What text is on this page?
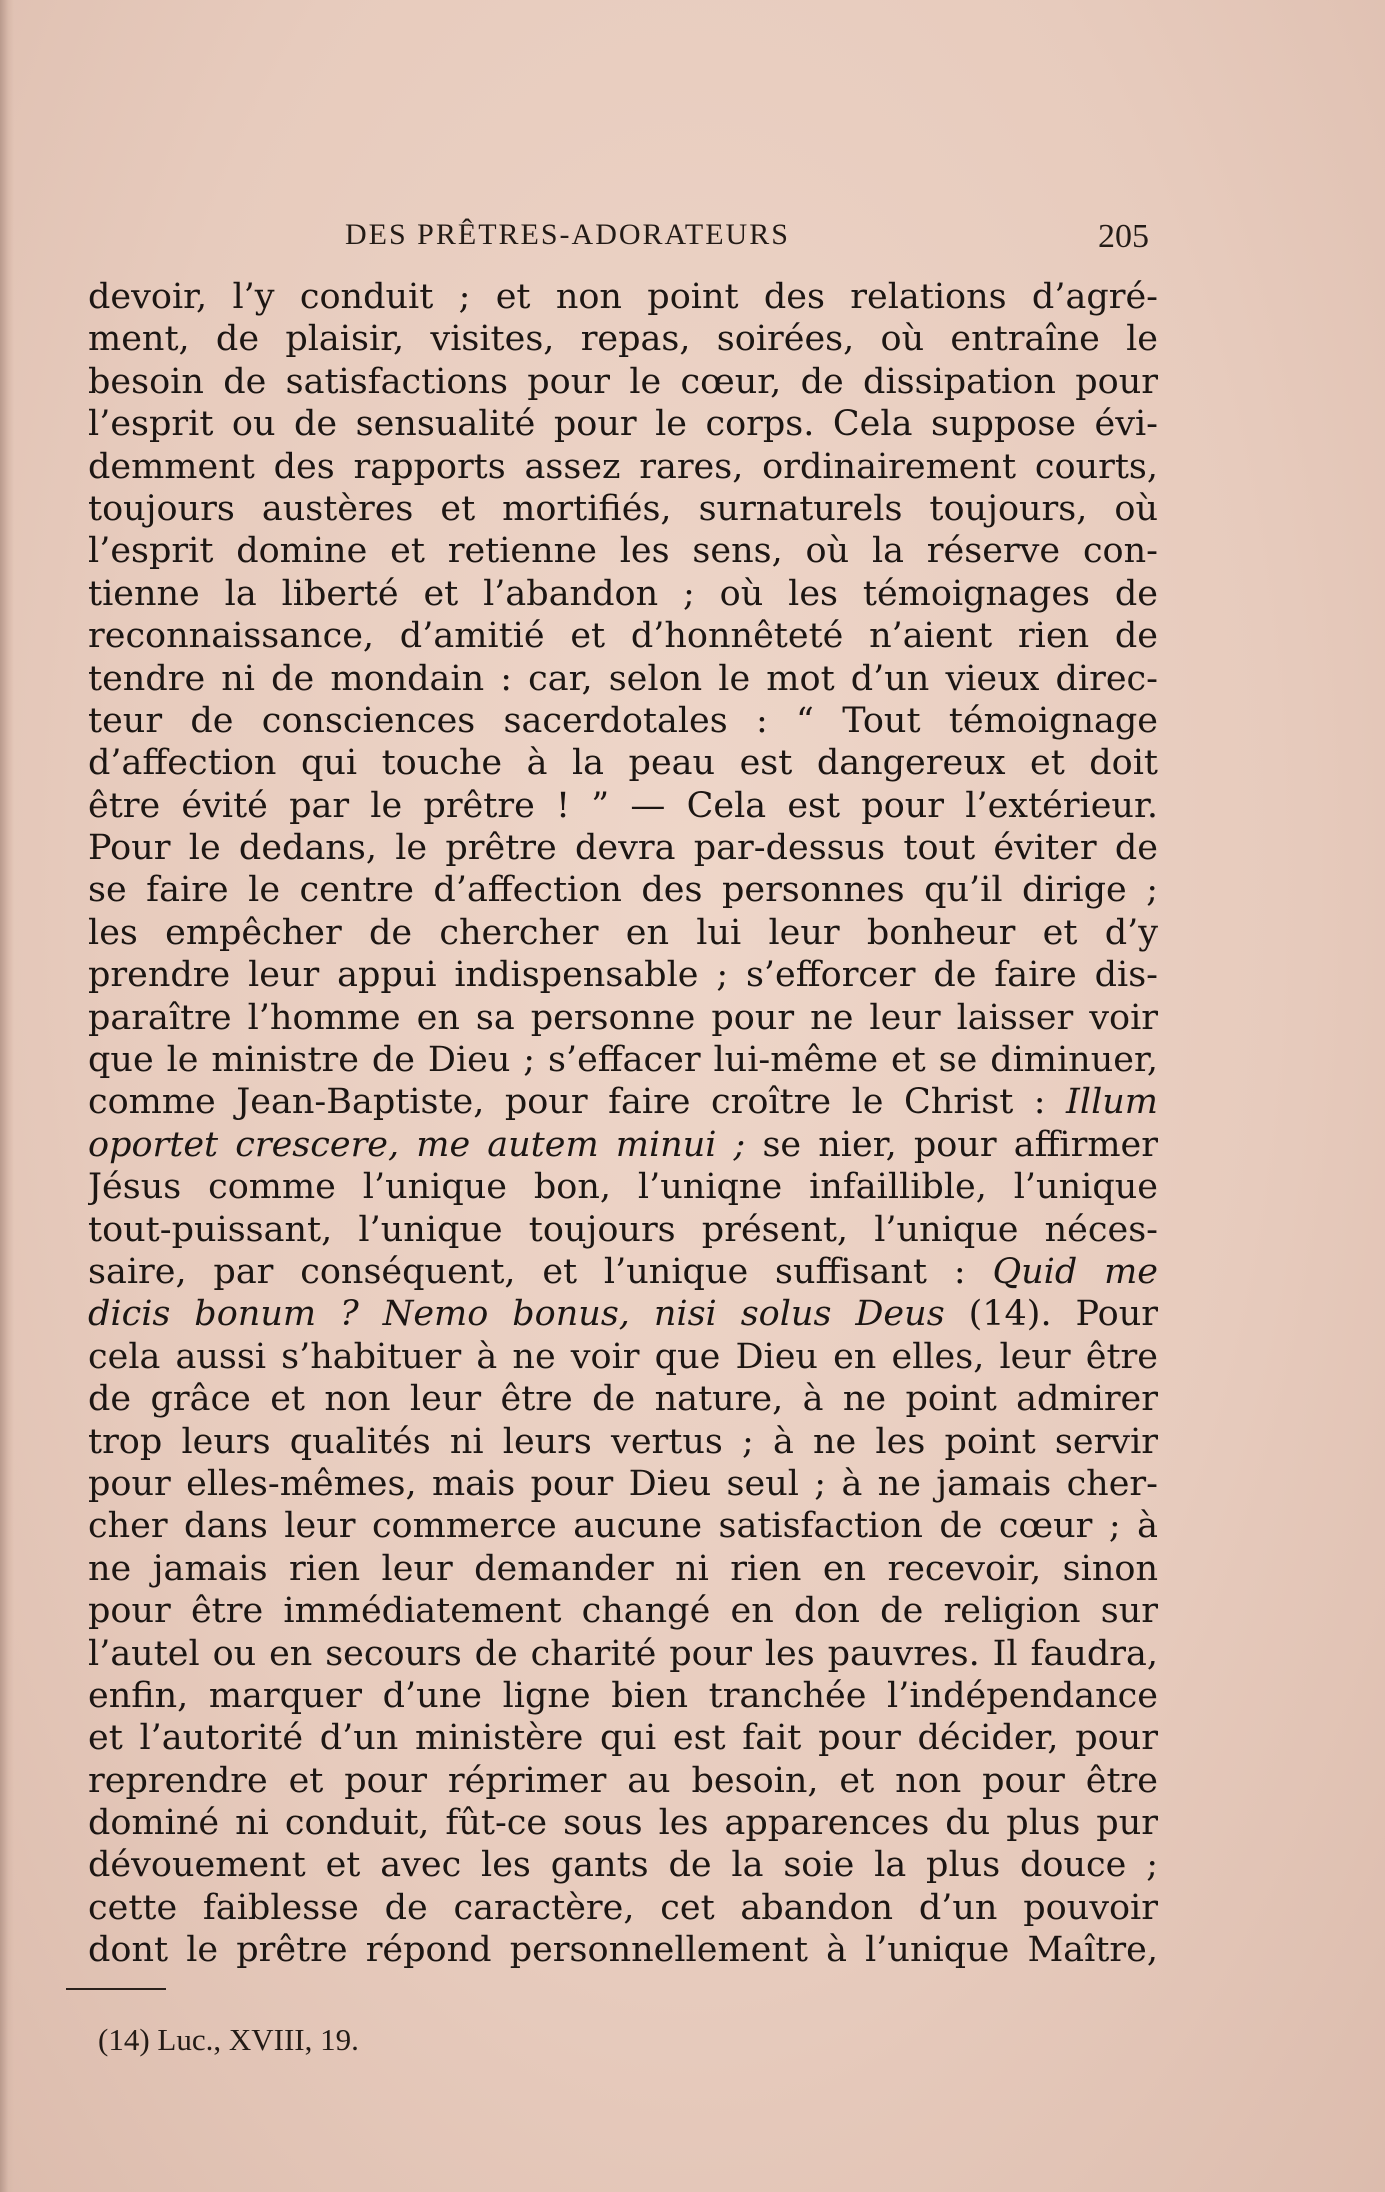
DES PRÊTRES-ADORATEURS	205
devoir, l’y conduit ; et non point des relations d’agré-
ment, de plaisir, visites, repas, soirées, où entraîne le
besoin de satisfactions pour le cœur, de dissipation pour
l’esprit ou de sensualité pour le corps. Cela suppose évi-
demment des rapports assez rares, ordinairement courts,
toujours austères et mortifiés, surnaturels toujours, où
l’esprit domine et retienne les sens, où la réserve con-
tienne la liberté et l’abandon ; où les témoignages de
reconnaissance, d’amitié et d’honnêteté n’aient rien de
tendre ni de mondain : car, selon le mot d’un vieux direc-
teur de consciences sacerdotales : “ Tout témoignage
d’affection qui touche à la peau est dangereux et doit
être évité par le prêtre ! ” — Cela est pour l’extérieur.
Pour le dedans, le prêtre devra par-dessus tout éviter de
se faire le centre d’affection des personnes qu’il dirige ;
les empêcher de chercher en lui leur bonheur et d’y
prendre leur appui indispensable ; s’efforcer de faire dis-
paraître l’homme en sa personne pour ne leur laisser voir
que le ministre de Dieu ; s’effacer lui-même et se diminuer,
comme Jean-Baptiste, pour faire croître le Christ : Illum
oportet crescere, me autem minui ; se nier, pour affirmer
Jésus comme l’unique bon, l’uniqne infaillible, l’unique
tout-puissant, l’unique toujours présent, l’unique néces-
saire, par conséquent, et l’unique suffisant : Quid me
dicis bonum ? Nemo bonus, nisi solus Deus (14). Pour
cela aussi s’habituer à ne voir que Dieu en elles, leur être
de grâce et non leur être de nature, à ne point admirer
trop leurs qualités ni leurs vertus ; à ne les point servir
pour elles-mêmes, mais pour Dieu seul ; à ne jamais cher-
cher dans leur commerce aucune satisfaction de cœur ; à
ne jamais rien leur demander ni rien en recevoir, sinon
pour être immédiatement changé en don de religion sur
l’autel ou en secours de charité pour les pauvres. Il faudra,
enfin, marquer d’une ligne bien tranchée l’indépendance
et l’autorité d’un ministère qui est fait pour décider, pour
reprendre et pour réprimer au besoin, et non pour être
dominé ni conduit, fût-ce sous les apparences du plus pur
dévouement et avec les gants de la soie la plus douce ;
cette faiblesse de caractère, cet abandon d’un pouvoir
dont le prêtre répond personnellement à l’unique Maître,
(14) Luc., XVIII, 19.
